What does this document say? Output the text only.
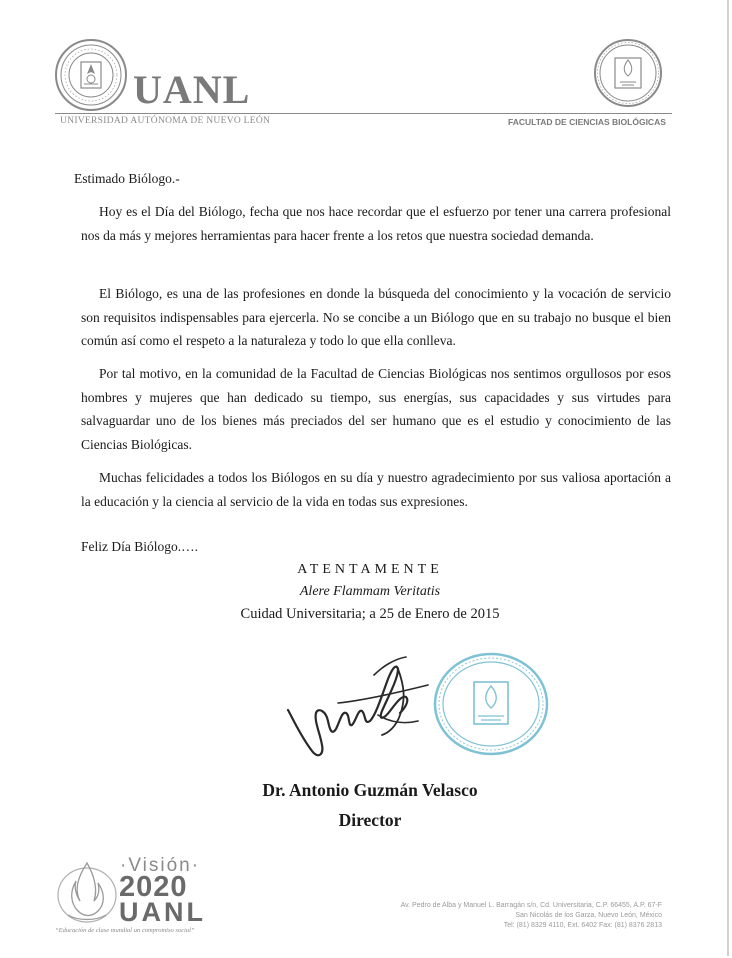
UANL
UNIVERSIDAD AUTÓNOMA DE NUEVO LEÓN	FACULTAD DE CIENCIAS BIOLÓGICAS
Estimado Biólogo.-

Hoy es el Día del Biólogo, fecha que nos hace recordar que el esfuerzo por tener una carrera profesional nos da más y mejores herramientas para hacer frente a los retos que nuestra sociedad demanda.

El Biólogo, es una de las profesiones en donde la búsqueda del conocimiento y la vocación de servicio son requisitos indispensables para ejercerla. No se concibe a un Biólogo que en su trabajo no busque el bien común así como el respeto a la naturaleza y todo lo que ella conlleva.

Por tal motivo, en la comunidad de la Facultad de Ciencias Biológicas nos sentimos orgullosos por esos hombres y mujeres que han dedicado su tiempo, sus energías, sus capacidades y sus virtudes para salvaguardar uno de los bienes más preciados del ser humano que es el estudio y conocimiento de las Ciencias Biológicas.

Muchas felicidades a todos los Biólogos en su día y nuestro agradecimiento por sus valiosa aportación a la educación y la ciencia al servicio de la vida en todas sus expresiones.

Feliz Día Biólogo.….
ATENTAMENTE
Alere Flammam Veritatis
Cuidad Universitaria; a 25 de Enero de 2015
Dr. Antonio Guzmán Velasco
Director
·Visión·
2020
UANL
“Educación de clase mundial un compromiso social”
Av. Pedro de Alba y Manuel L. Barragán s/n, Cd. Universitaria, C.P. 66455, A.P. 67-F
San Nicolás de los Garza, Nuevo León, México
Tel: (81) 8329 4110, Ext. 6402 Fax: (81) 8376 2813
